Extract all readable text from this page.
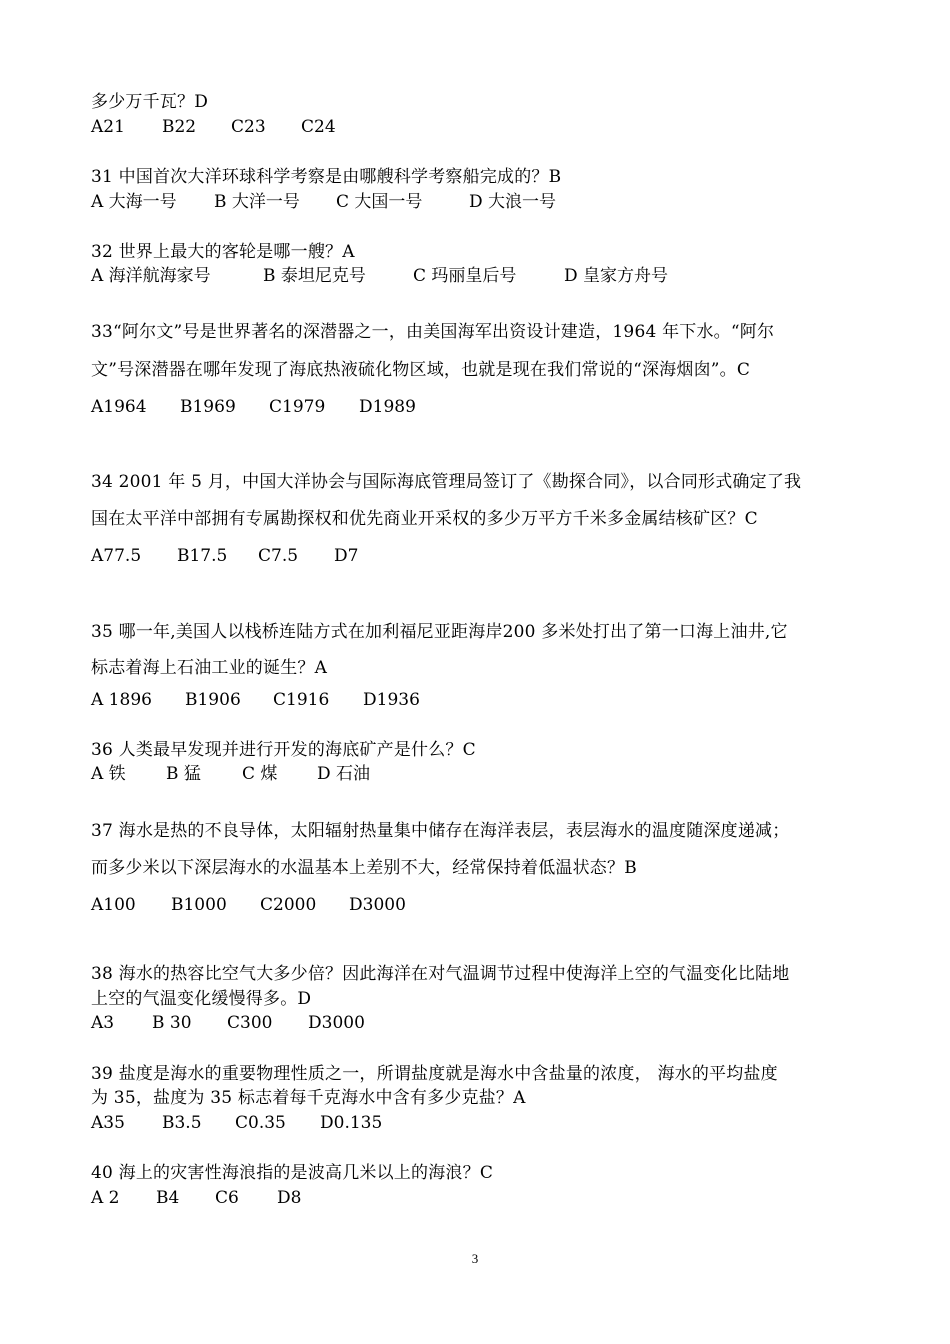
多少万千瓦？D
A21 B22 C23 C24
31 中国首次大洋环球科学考察是由哪艘科学考察船完成的？B
A 大海一号 B 大洋一号 C 大国一号	D 大浪一号
32 世界上最大的客轮是哪一艘？A
A 海洋航海家号	B 泰坦尼克号	C 玛丽皇后号	D 皇家方舟号
33“阿尔文”号是世界著名的深潜器之一，由美国海军出资设计建造，1964 年下水。“阿尔
文”号深潜器在哪年发现了海底热液硫化物区域，也就是现在我们常说的“深海烟囱”。C
A1964 B1969 C1979 D1989
34 2001 年 5 月，中国大洋协会与国际海底管理局签订了《勘探合同》，以合同形式确定了我
国在太平洋中部拥有专属勘探权和优先商业开采权的多少万平方千米多金属结核矿区？C
A77.5 B17.5 C7.5 D7
35 哪一年,美国人以栈桥连陆方式在加利福尼亚距海岸200 多米处打出了第一口海上油井,它
标志着海上石油工业的诞生？A
A 1896 B1906 C1916 D1936
36 人类最早发现并进行开发的海底矿产是什么？C
A 铁 B 猛 C 煤 D 石油
37 海水是热的不良导体，太阳辐射热量集中储存在海洋表层，表层海水的温度随深度递减；
而多少米以下深层海水的水温基本上差别不大，经常保持着低温状态？B
A100 B1000 C2000 D3000
38 海水的热容比空气大多少倍？因此海洋在对气温调节过程中使海洋上空的气温变化比陆地
上空的气温变化缓慢得多。D
A3 B 30 C300 D3000
39 盐度是海水的重要物理性质之一，所谓盐度就是海水中含盐量的浓度， 海水的平均盐度
为 35，盐度为 35 标志着每千克海水中含有多少克盐？A
A35 B3.5 C0.35 D0.135
40 海上的灾害性海浪指的是波高几米以上的海浪？C
A 2 B4 C6 D8
3
